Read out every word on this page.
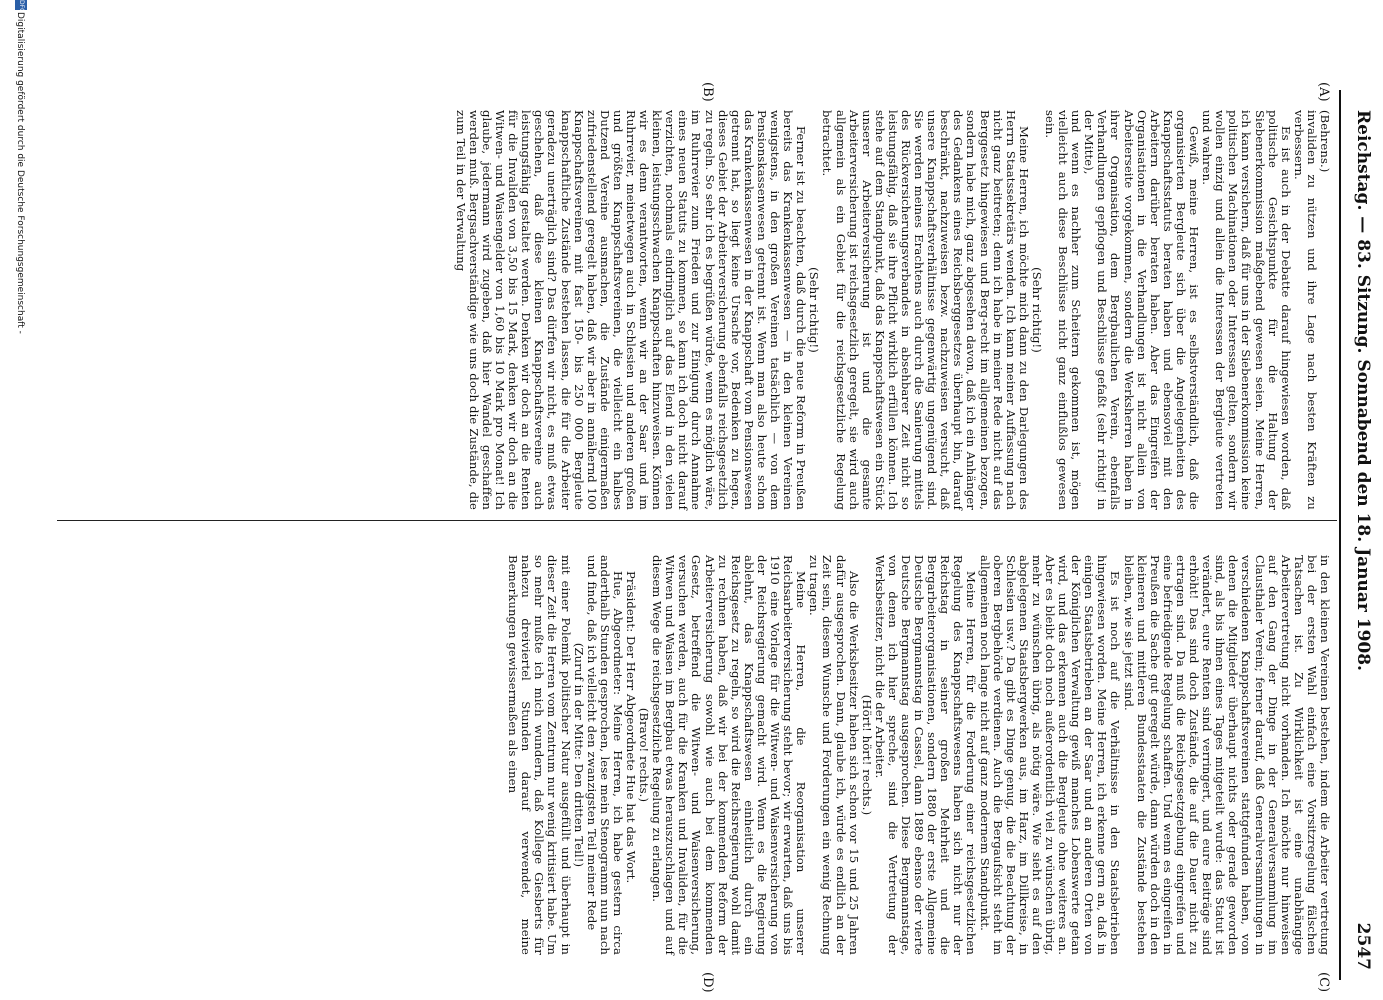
Reichstag. — 83. Sitzung. Sonnabend den 18. Januar 1908.
2547
(A)
(B)
(C)
(D)

(Behrens.)

invaliden zu nützen und ihre Lage nach besten Kräften zu verbessern.

Es ist auch in der Debatte darauf hingewiesen worden, daß politische Gesichtspunkte für die Haltung der Siebenerkommission maßgebend gewesen seien. Meine Herren, ich kann versichern, daß für uns in der Siebenerkommission keine politischen Machinationen oder Interessen gelten, sondern wir wollen einzig und allein die Interessen der Bergleute vertreten und wahren.

Gewiß, meine Herren, ist es selbstverständlich, daß die organisierten Bergleute sich über die Angelegenheiten des Knappschaftsstatuts beraten haben und ebensoviel mit den Arbeitern darüber beraten haben. Aber das Eingreifen der Organisationen in die Verhandlungen ist nicht allein von Arbeiterseite vorgekommen, sondern die Werksherren haben in ihrer Organisation, dem Bergbaulichen Verein, ebenfalls Verhandlungen gepflogen und Beschlüsse gefaßt (sehr richtig! in der Mitte),

und wenn es nachher zum Scheitern gekommen ist, mögen vielleicht auch diese Beschlüsse nicht ganz einflußlos gewesen sein.

(Sehr richtig!)

Meine Herren, ich möchte mich dann zu den Darlegungen des Herrn Staatssekretärs wenden. Ich kann meiner Auffassung nach nicht ganz beitreten; denn ich habe in meiner Rede nicht auf das Berggesetz hingewiesen und Berg-recht im allgemeinen bezogen, sondern habe mich, ganz abgesehen davon, daß ich ein Anhänger des Gedankens eines Reichsberggesetzes überhaupt bin, darauf beschränkt, nachzuweisen bezw. nachzuweisen versucht, daß unsere Knappschaftsverhältnisse gegenwärtig ungenügend sind. Sie werden meines Erachtens auch durch die Sanierung mittels des Rückversicherungsverbandes in absehbarer Zeit nicht so leistungsfähig, daß sie ihre Pflicht wirklich erfüllen können. Ich stehe auf dem Standpunkt, daß das Knappschaftswesen ein Stück unserer Arbeiterversicherung ist und die gesamte Arbeiterversicherung ist reichsgesetzlich geregelt, sie wird auch allgemein als ein Gebiet für die reichsgesetzliche Regelung betrachtet.

(Sehr richtig!)

Ferner ist zu beachten, daß durch die neue Reform in Preußen bereits das Krankenkassenwesen — in den kleinen Vereinen wenigstens, in den großen Vereinen tatsächlich — von dem Pensionskassenwesen getrennt ist. Wenn man also heute schon das Krankenkassenwesen in der Knappschaft vom Pensionswesen getrennt hat, so liegt keine Ursache vor, Bedenken zu hegen, dieses Gebiet der Arbeiterversicherung ebenfalls reichsgesetzlich zu regeln. So sehr ich es begrüßen würde, wenn es möglich wäre, im Ruhrrevier zum Frieden und zur Einigung durch Annahme eines neuen Statuts zu kommen, so kann ich doch nicht darauf verzichten, nochmals eindringlich auf das Elend in den vielen kleinen, leistungsschwachen Knappschaften hinzuweisen. Können wir es denn verantworten, wenn wir an der Saar und im Ruhrrevier, meinetwegen auch in Schlesien und anderen großen und größten Knappschaftsvereinen, die vielleicht ein halbes Dutzend Vereine ausmachen, die Zustände einigermaßen zufriedenstellend geregelt haben, daß wir aber in annähernd 100 Knappschaftsvereinen mit fast 150- bis 250 000 Bergleute knappschaftliche Zustände bestehen lassen, die für die Arbeiter geradezu unerträglich sind? Das dürfen wir nicht, es muß etwas geschehen, daß diese kleinen Knappschaftsvereine auch leistungsfähig gestaltet werden. Denken wir doch an die Renten für die Invaliden von 3,50 bis 15 Mark, denken wir doch an die Witwen- und Waisengelder von 1,60 bis 10 Mark pro Monat! Ich glaube, jedermann wird zugeben, daß hier Wandel geschaffen werden muß. Bergsachverständige wie uns doch die Zustände, die zum Teil in der Verwaltung

in den kleinen Vereinen bestehen, indem die Arbeiter vertretung bei der ersten Wahl einfach eine Vorsitzregelung fälschen Tatsachen ist. Zu Wirklichkeit ist eine unabhängige Arbeitervertretung nicht vorhanden. Ich möchte nur hinweisen auf den Gang der Dinge in der Generalversammlung im Clausthaler Verein; ferner darauf, daß Generalversammlungen in verschiedenen Knappschaftsvereinen stattgefunden haben, von denen die Mitglieder überhaupt nichts oder gerade geworden sind, als bis ihnen eines Tages mitgeteilt wurde: das Statut ist verändert, eure Renten sind verringert, und eure Beiträge sind erhöht! Das sind doch Zustände, die auf die Dauer nicht zu ertragen sind. Da muß die Reichsgesetzgebung eingreifen und eine befriedigende Regelung schaffen. Und wenn es eingreifen in Preußen die Sache gut geregelt würde, dann würden doch in den kleineren und mittleren Bundesstaaten die Zustände bestehen bleiben, wie sie jetzt sind.

Es ist noch auf die Verhältnisse in den Staatsbetrieben hingewiesen worden. Meine Herren, ich erkenne gern an, daß in einigen Staatsbetrieben an der Saar und an anderen Orten von der Königlichen Verwaltung gewiß manches Lobenswerte getan wird, und das erkennen auch die Bergleute ohne weiteres an. Aber es bleibt doch noch außerordentlich viel zu wünschen übrig, mehr zu wünschen übrig, als nötig wäre. Wie sieht es auf den abgelegenen Staatsbergwerken aus, im Harz, im Dillkreise, in Schlesien usw.? Da gibt es Dinge genug, die die Beachtung der oberen Bergbehörde verdienen. Auch die Bergaufsicht steht im allgemeinen noch lange nicht auf ganz modernem Standpunkt.

Meine Herren, für die Forderung einer reichsgesetzlichen Regelung des Knappschaftswesens haben sich nicht nur der Reichstag in seiner großen Mehrheit und die Bergarbeiterorganisationen, sondern 1880 der erste Allgemeine Deutsche Bergmannstag in Cassel, dann 1889 ebenso der vierte Deutsche Bergmannstag ausgesprochen. Diese Bergmannstage, von denen ich hier spreche, sind die Vertretung der Werksbesitzer, nicht die der Arbeiter.

(Hört! hört! rechts.)

Also die Werksbesitzer haben sich schon vor 15 und 25 Jahren dafür ausgesprochen. Dann, glaube ich, würde es endlich an der Zeit sein, diesem Wunsche und Forderungen ein wenig Rechnung zu tragen.

Meine Herren, die Reorganisation unserer Reichsarbeiterversicherung steht bevor; wir erwarten, daß uns bis 1910 eine Vorlage für die Witwen- und Waisenversicherung von der Reichsregierung gemacht wird. Wenn es die Regierung ablehnt, das Knappschaftswesen einheitlich durch ein Reichsgesetz zu regeln, so wird die Reichsregierung wohl damit zu rechnen haben, daß wir bei der kommenden Reform der Arbeiterversicherung sowohl wie auch bei dem kommenden Gesetz, betreffend die Witwen- und Waisenversicherung, versuchen werden, auch für die Kranken und Invaliden, für die Witwen und Waisen im Bergbau etwas herauszuschlagen und auf diesem Wege die reichsgesetzliche Regelung zu erlangen.

(Bravo! rechts.)

Präsident: Der Herr Abgeordnete Hue hat das Wort.

Hue, Abgeordneter: Meine Herren, ich habe gestern circa anderthalb Stunden gesprochen, lese mein Stenogramm nun nach und finde, daß ich vielleicht den zwanzigsten Teil meiner Rede

(Zuruf in der Mitte: Den dritten Teil!)

mit einer Polemik politischer Natur ausgefüllt und überhaupt in dieser Zeit die Herren vom Zentrum nur wenig kritisiert habe. Um so mehr mußte ich mich wundern, daß Kollege Giesberts für nahezu dreiviertel Stunden darauf verwendet, meine Bemerkungen gewissermaßen als einen

DFG
Digitalisierung gefördert durch die Deutsche Forschungsgemeinschaft -
